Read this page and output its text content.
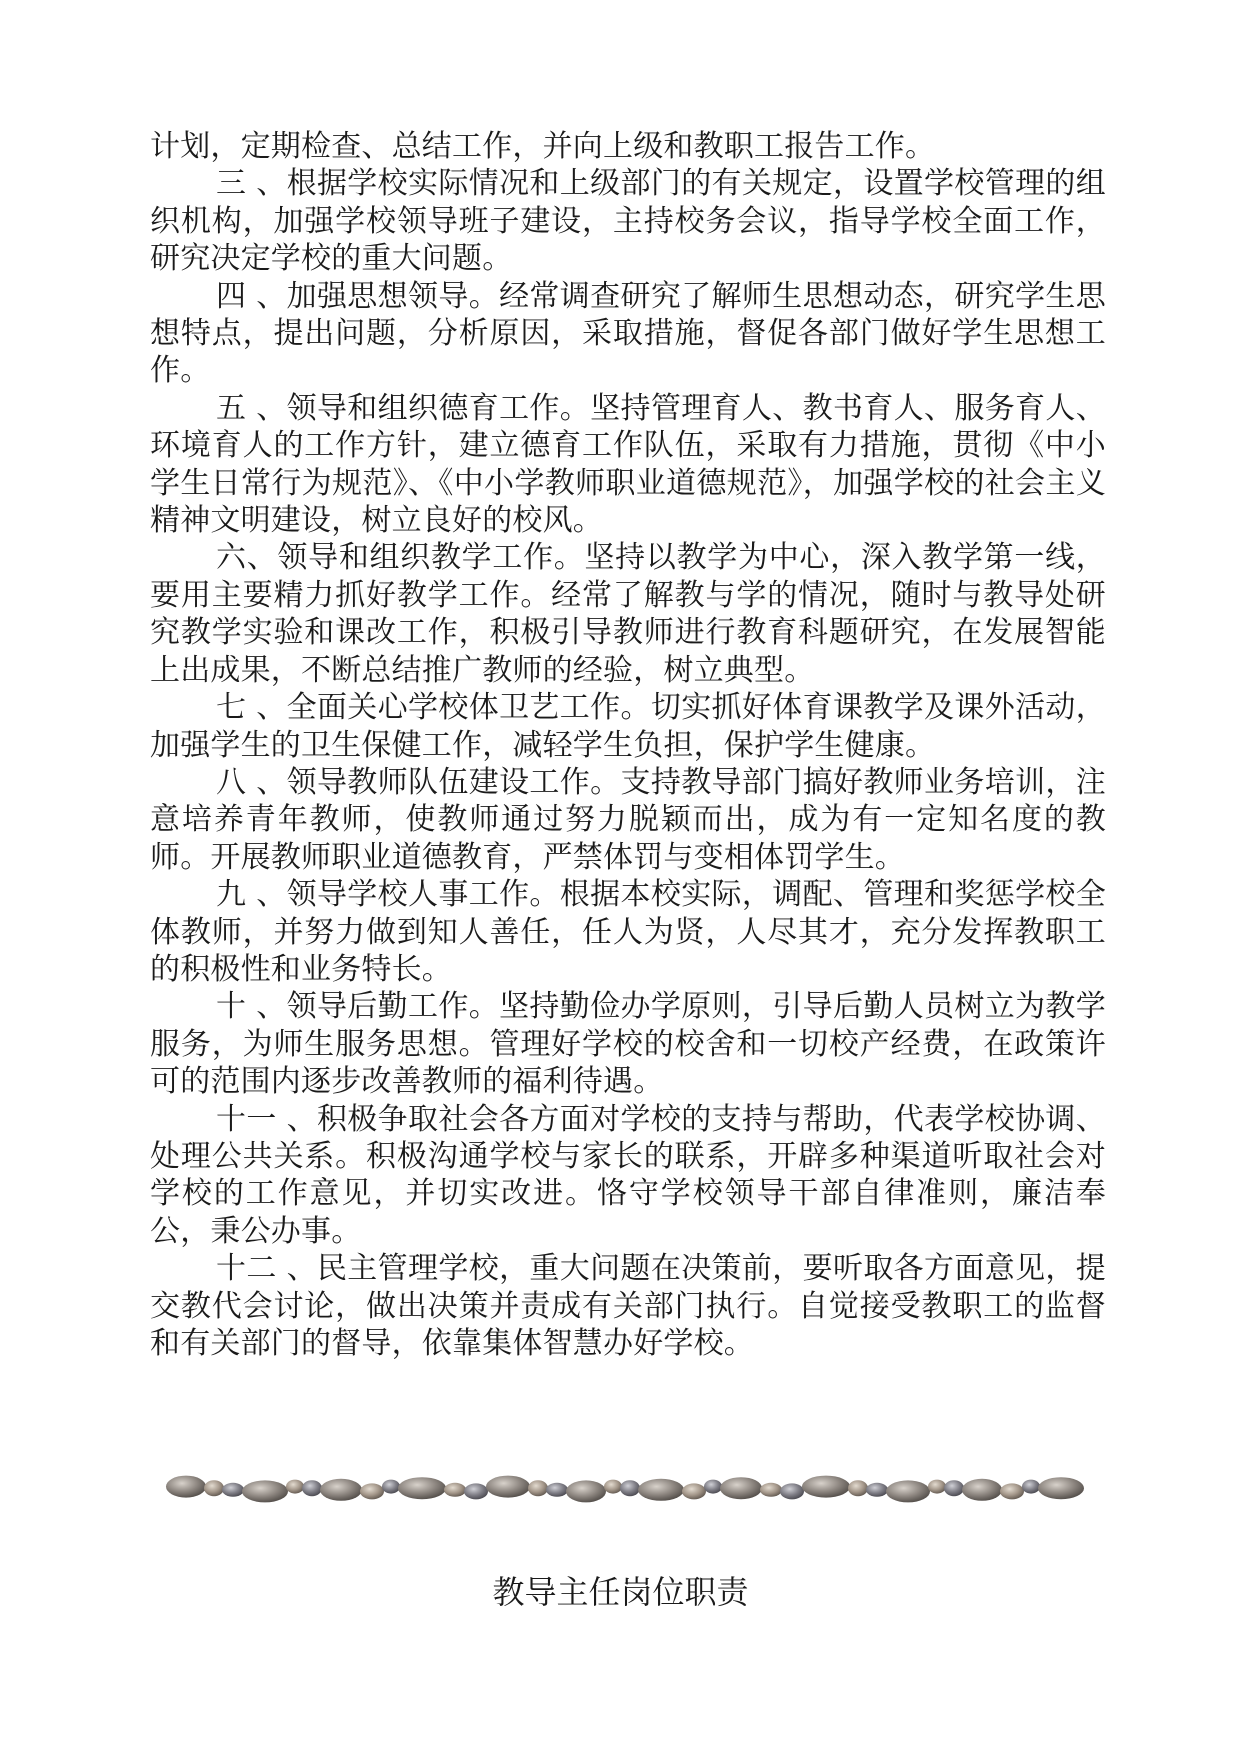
计划，定期检查、总结工作，并向上级和教职工报告工作。

三 、根据学校实际情况和上级部门的有关规定，设置学校管理的组织机构，加强学校领导班子建设，主持校务会议，指导学校全面工作，研究决定学校的重大问题。

四 、加强思想领导。经常调查研究了解师生思想动态，研究学生思想特点，提出问题，分析原因，采取措施，督促各部门做好学生思想工作。

五 、领导和组织德育工作。坚持管理育人、教书育人、服务育人、环境育人的工作方针，建立德育工作队伍，采取有力措施，贯彻《中小学生日常行为规范》、《中小学教师职业道德规范》，加强学校的社会主义精神文明建设，树立良好的校风。

六、领导和组织教学工作。坚持以教学为中心，深入教学第一线，要用主要精力抓好教学工作。经常了解教与学的情况，随时与教导处研究教学实验和课改工作，积极引导教师进行教育科题研究，在发展智能上出成果，不断总结推广教师的经验，树立典型。

七 、全面关心学校体卫艺工作。切实抓好体育课教学及课外活动，加强学生的卫生保健工作，减轻学生负担，保护学生健康。

八 、领导教师队伍建设工作。支持教导部门搞好教师业务培训，注意培养青年教师，使教师通过努力脱颖而出，成为有一定知名度的教师。开展教师职业道德教育，严禁体罚与变相体罚学生。

九 、领导学校人事工作。根据本校实际，调配、管理和奖惩学校全体教师，并努力做到知人善任，任人为贤，人尽其才，充分发挥教职工的积极性和业务特长。

十 、领导后勤工作。坚持勤俭办学原则，引导后勤人员树立为教学服务，为师生服务思想。管理好学校的校舍和一切校产经费，在政策许可的范围内逐步改善教师的福利待遇。

十一 、积极争取社会各方面对学校的支持与帮助，代表学校协调、处理公共关系。积极沟通学校与家长的联系，开辟多种渠道听取社会对学校的工作意见，并切实改进。恪守学校领导干部自律准则，廉洁奉公，秉公办事。

十二 、民主管理学校，重大问题在决策前，要听取各方面意见，提交教代会讨论，做出决策并责成有关部门执行。自觉接受教职工的监督和有关部门的督导，依靠集体智慧办好学校。

教导主任岗位职责
